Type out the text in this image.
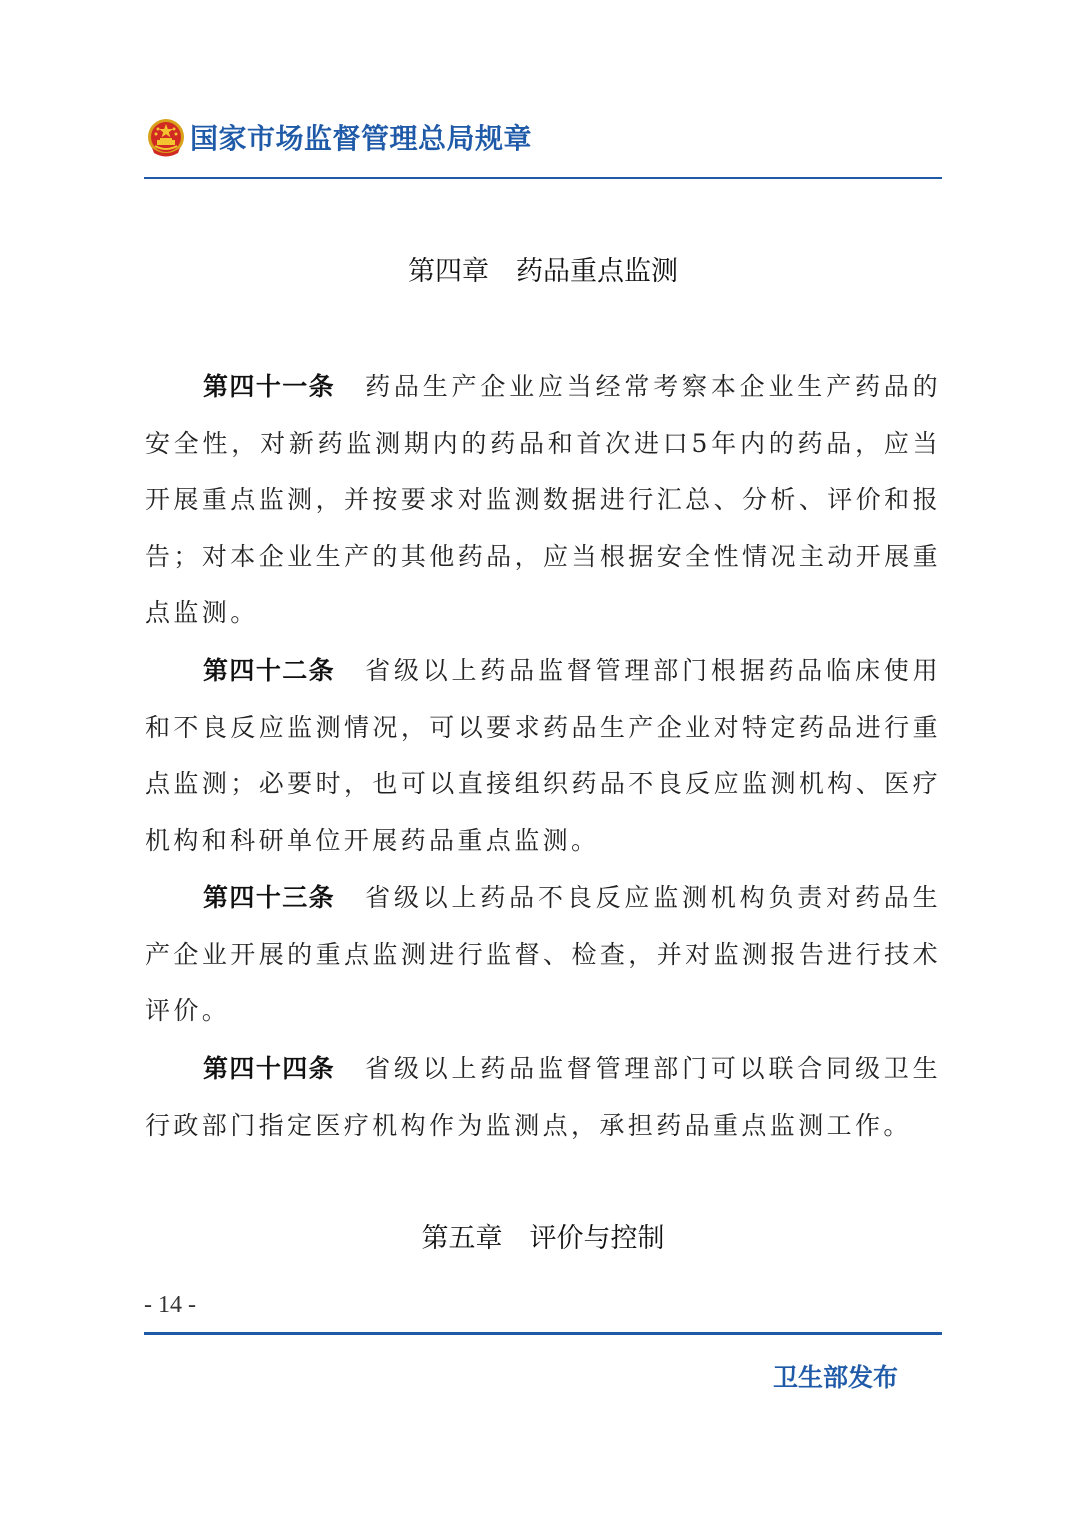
国家市场监督管理总局规章
第四章　药品重点监测

第四十一条 药品生产企业应当经常考察本企业生产药品的安全性，对新药监测期内的药品和首次进口5年内的药品，应当开展重点监测，并按要求对监测数据进行汇总、分析、评价和报告；对本企业生产的其他药品，应当根据安全性情况主动开展重点监测。

第四十二条 省级以上药品监督管理部门根据药品临床使用和不良反应监测情况，可以要求药品生产企业对特定药品进行重点监测；必要时，也可以直接组织药品不良反应监测机构、医疗机构和科研单位开展药品重点监测。

第四十三条 省级以上药品不良反应监测机构负责对药品生产企业开展的重点监测进行监督、检查，并对监测报告进行技术评价。

第四十四条 省级以上药品监督管理部门可以联合同级卫生行政部门指定医疗机构作为监测点，承担药品重点监测工作。

第五章　评价与控制
- 14 -
卫生部发布
